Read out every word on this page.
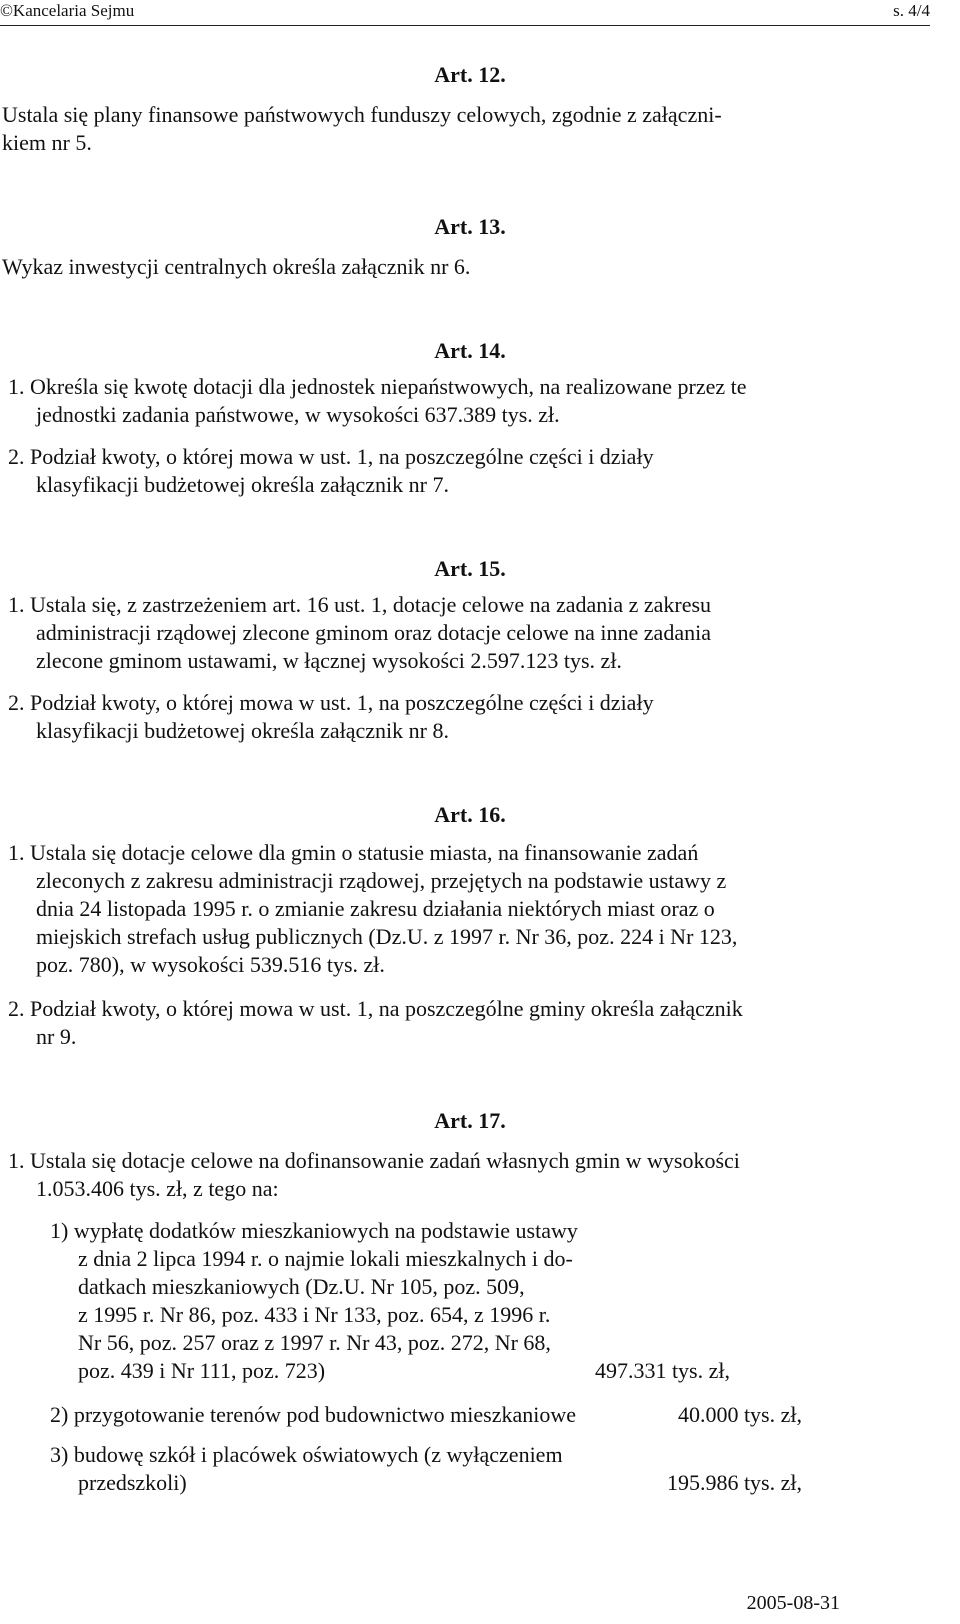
©Kancelaria Sejmu	s. 4/4
Art. 12.
Ustala się plany finansowe państwowych funduszy celowych, zgodnie z załączni-
kiem nr 5.
Art. 13.
Wykaz inwestycji centralnych określa załącznik nr 6.
Art. 14.
1. Określa się kwotę dotacji dla jednostek niepaństwowych, na realizowane przez te
jednostki zadania państwowe, w wysokości 637.389 tys. zł.
2. Podział kwoty, o której mowa w ust. 1, na poszczególne części i działy
klasyfikacji budżetowej określa załącznik nr 7.
Art. 15.
1. Ustala się, z zastrzeżeniem art. 16 ust. 1, dotacje celowe na zadania z zakresu
administracji rządowej zlecone gminom oraz dotacje celowe na inne zadania
zlecone gminom ustawami, w łącznej wysokości 2.597.123 tys. zł.
2. Podział kwoty, o której mowa w ust. 1, na poszczególne części i działy
klasyfikacji budżetowej określa załącznik nr 8.
Art. 16.
1. Ustala się dotacje celowe dla gmin o statusie miasta, na finansowanie zadań
zleconych z zakresu administracji rządowej, przejętych na podstawie ustawy z
dnia 24 listopada 1995 r. o zmianie zakresu działania niektórych miast oraz o
miejskich strefach usług publicznych (Dz.U. z 1997 r. Nr 36, poz. 224 i Nr 123,
poz. 780), w wysokości 539.516 tys. zł.
2. Podział kwoty, o której mowa w ust. 1, na poszczególne gminy określa załącznik
nr 9.
Art. 17.
1. Ustala się dotacje celowe na dofinansowanie zadań własnych gmin w wysokości
1.053.406 tys. zł, z tego na:
1) wypłatę dodatków mieszkaniowych na podstawie ustawy
z dnia 2 lipca 1994 r. o najmie lokali mieszkalnych i do-
datkach mieszkaniowych (Dz.U. Nr 105, poz. 509,
z 1995 r. Nr 86, poz. 433 i Nr 133, poz. 654, z 1996 r.
Nr 56, poz. 257 oraz z 1997 r. Nr 43, poz. 272, Nr 68,
poz. 439 i Nr 111, poz. 723)	497.331 tys. zł,
2) przygotowanie terenów pod budownictwo mieszkaniowe	40.000 tys. zł,
3) budowę szkół i placówek oświatowych (z wyłączeniem
przedszkoli)	195.986 tys. zł,
2005-08-31
